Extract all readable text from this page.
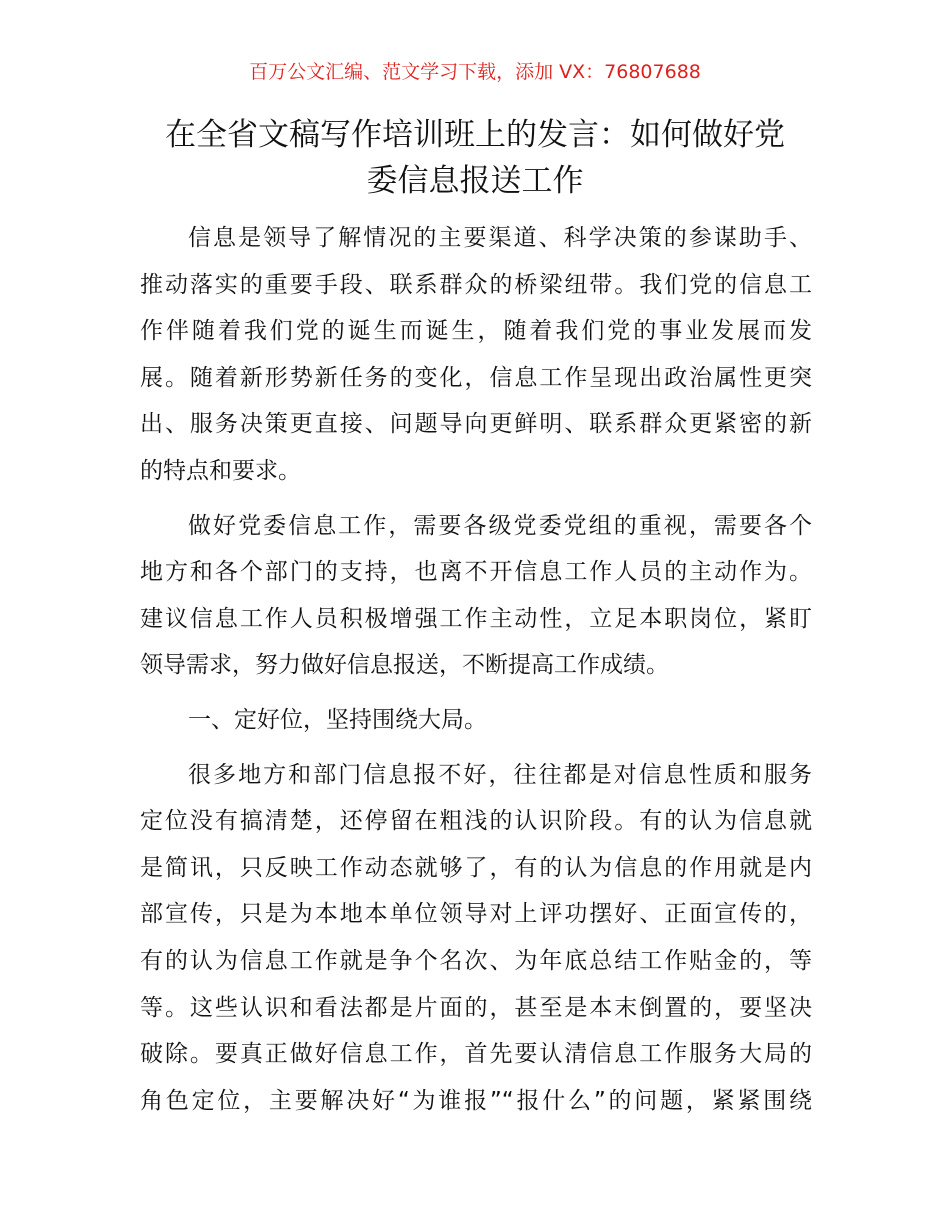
百万公文汇编、范文学习下载，添加 VX：76807688
在全省文稿写作培训班上的发言：如何做好党
委信息报送工作
信息是领导了解情况的主要渠道、科学决策的参谋助手、
推动落实的重要手段、联系群众的桥梁纽带。我们党的信息工
作伴随着我们党的诞生而诞生，随着我们党的事业发展而发
展。随着新形势新任务的变化，信息工作呈现出政治属性更突
出、服务决策更直接、问题导向更鲜明、联系群众更紧密的新
的特点和要求。
做好党委信息工作，需要各级党委党组的重视，需要各个
地方和各个部门的支持，也离不开信息工作人员的主动作为。
建议信息工作人员积极增强工作主动性，立足本职岗位，紧盯
领导需求，努力做好信息报送，不断提高工作成绩。
一、定好位，坚持围绕大局。
很多地方和部门信息报不好，往往都是对信息性质和服务
定位没有搞清楚，还停留在粗浅的认识阶段。有的认为信息就
是简讯，只反映工作动态就够了，有的认为信息的作用就是内
部宣传，只是为本地本单位领导对上评功摆好、正面宣传的，
有的认为信息工作就是争个名次、为年底总结工作贴金的，等
等。这些认识和看法都是片面的，甚至是本末倒置的，要坚决
破除。要真正做好信息工作，首先要认清信息工作服务大局的
角色定位，主要解决好“为谁报”“报什么”的问题，紧紧围绕
